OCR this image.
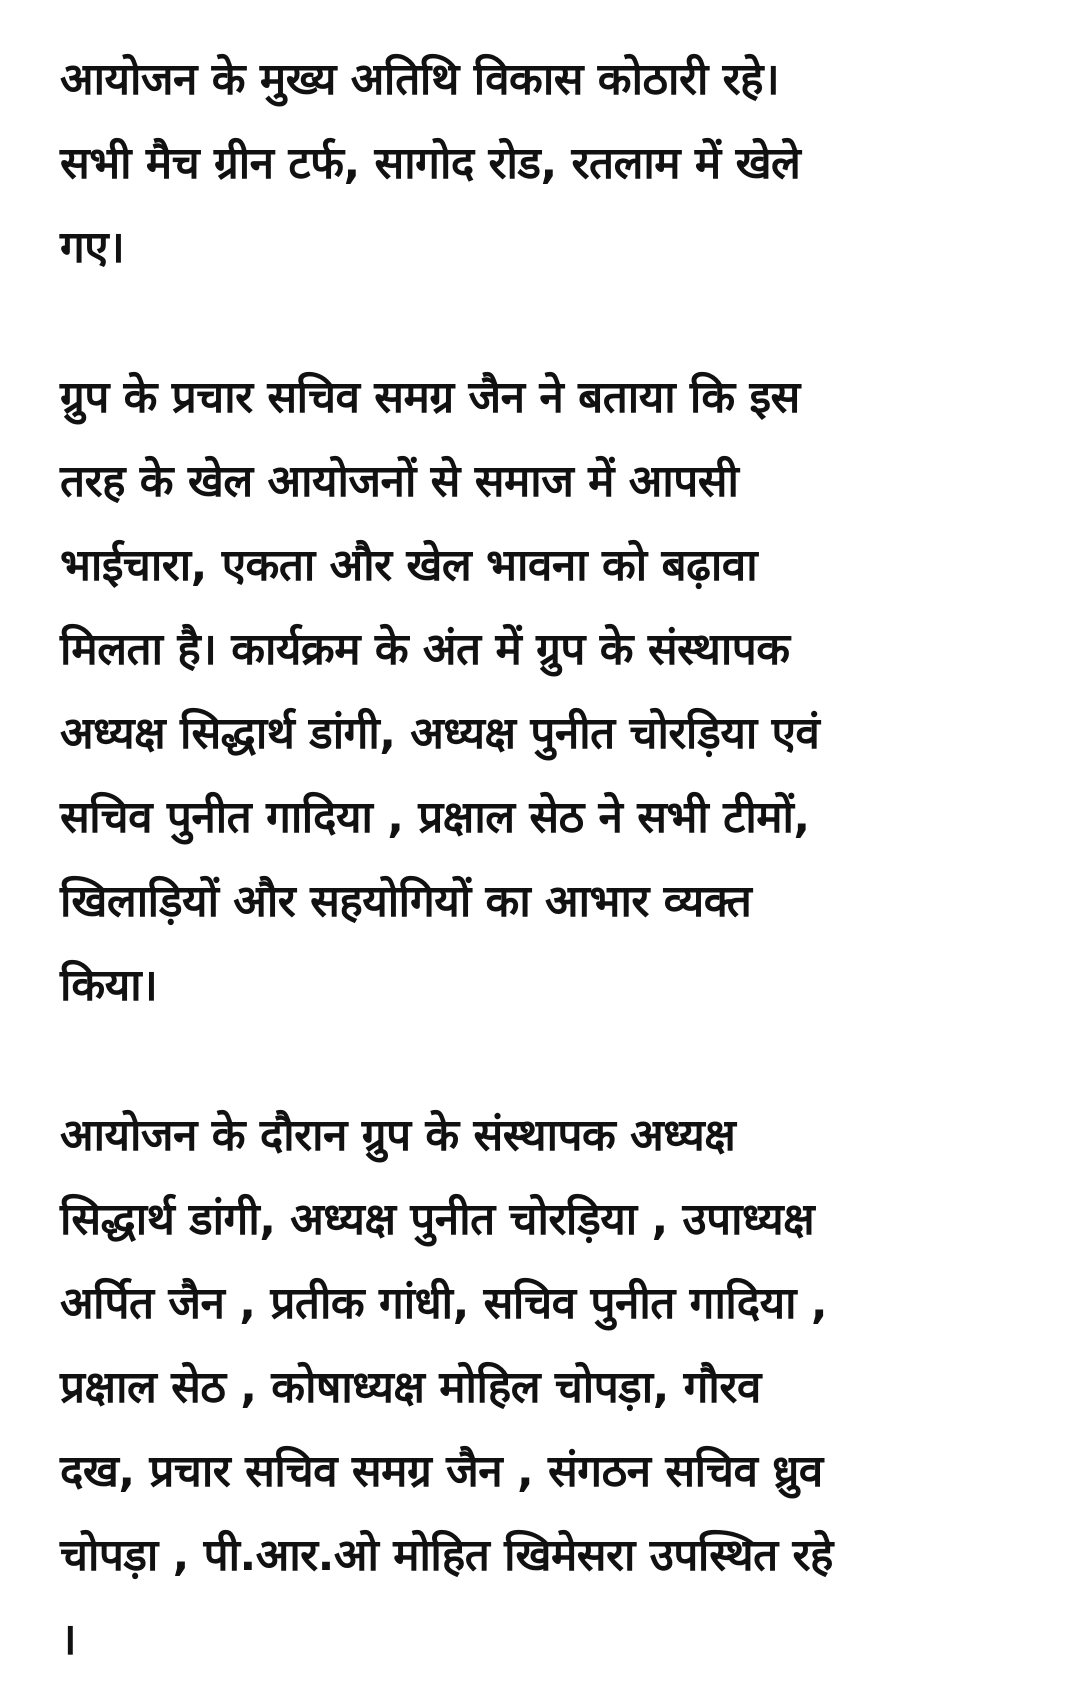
आयोजन के मुख्य अतिथि विकास कोठारी रहे।
सभी मैच ग्रीन टर्फ, सागोद रोड, रतलाम में खेले
गए।

ग्रुप के प्रचार सचिव समग्र जैन ने बताया कि इस
तरह के खेल आयोजनों से समाज में आपसी
भाईचारा, एकता और खेल भावना को बढ़ावा
मिलता है। कार्यक्रम के अंत में ग्रुप के संस्थापक
अध्यक्ष सिद्धार्थ डांगी, अध्यक्ष पुनीत चोरड़िया एवं
सचिव पुनीत गादिया , प्रक्षाल सेठ ने सभी टीमों,
खिलाड़ियों और सहयोगियों का आभार व्यक्त
किया।

आयोजन के दौरान ग्रुप के संस्थापक अध्यक्ष
सिद्धार्थ डांगी, अध्यक्ष पुनीत चोरड़िया , उपाध्यक्ष
अर्पित जैन , प्रतीक गांधी, सचिव पुनीत गादिया ,
प्रक्षाल सेठ , कोषाध्यक्ष मोहिल चोपड़ा, गौरव
दख, प्रचार सचिव समग्र जैन , संगठन सचिव ध्रुव
चोपड़ा , पी.आर.ओ मोहित खिमेसरा उपस्थित रहे
।
